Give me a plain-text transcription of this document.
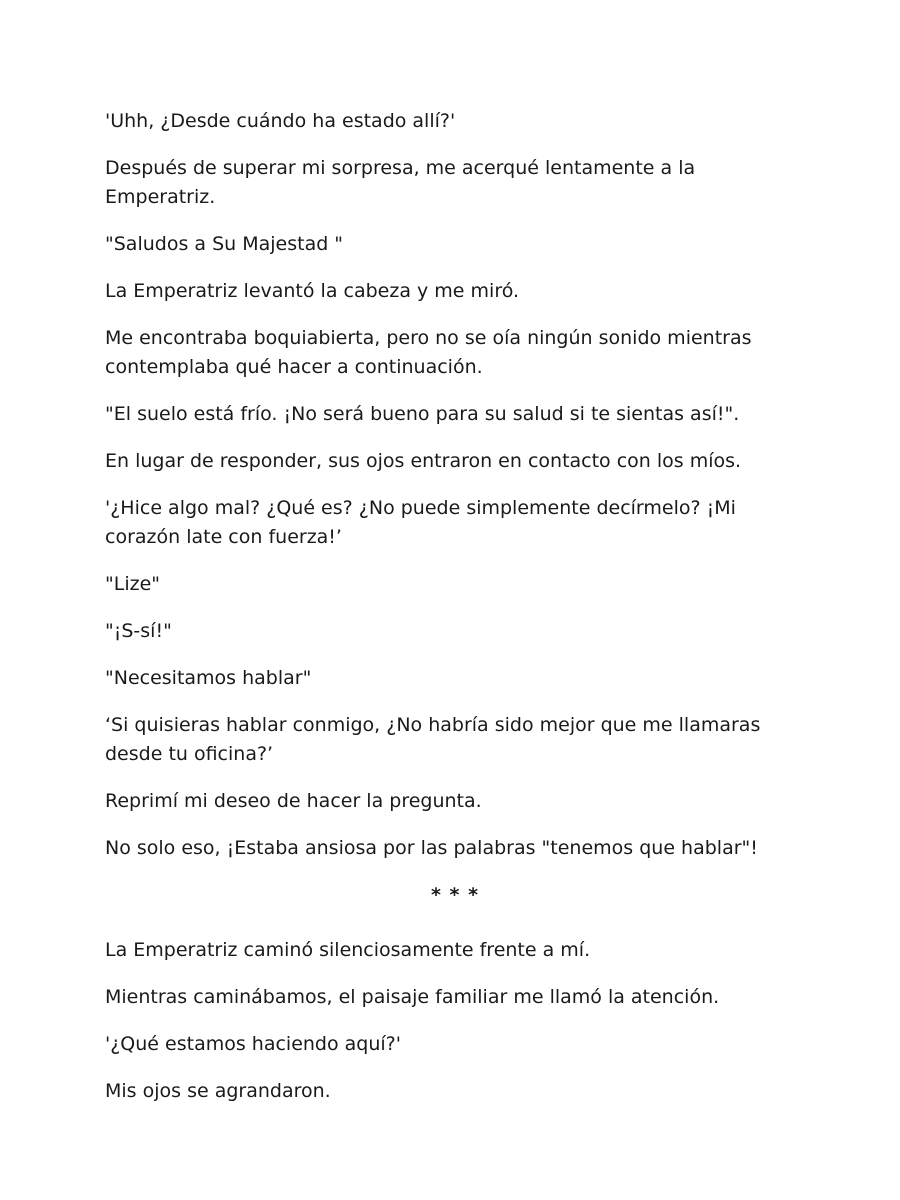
'Uhh, ¿Desde cuándo ha estado allí?'

Después de superar mi sorpresa, me acerqué lentamente a la Emperatriz.

"Saludos a Su Majestad "

La Emperatriz levantó la cabeza y me miró.

Me encontraba boquiabierta, pero no se oía ningún sonido mientras contemplaba qué hacer a continuación.

"El suelo está frío. ¡No será bueno para su salud si te sientas así!".

En lugar de responder, sus ojos entraron en contacto con los míos.

'¿Hice algo mal? ¿Qué es? ¿No puede simplemente decírmelo? ¡Mi corazón late con fuerza!’

"Lize"

"¡S-sí!"

"Necesitamos hablar"

‘Si quisieras hablar conmigo, ¿No habría sido mejor que me llamaras desde tu oficina?’

Reprimí mi deseo de hacer la pregunta.

No solo eso, ¡Estaba ansiosa por las palabras "tenemos que hablar"!

* * *

La Emperatriz caminó silenciosamente frente a mí.

Mientras caminábamos, el paisaje familiar me llamó la atención.

'¿Qué estamos haciendo aquí?'

Mis ojos se agrandaron.
